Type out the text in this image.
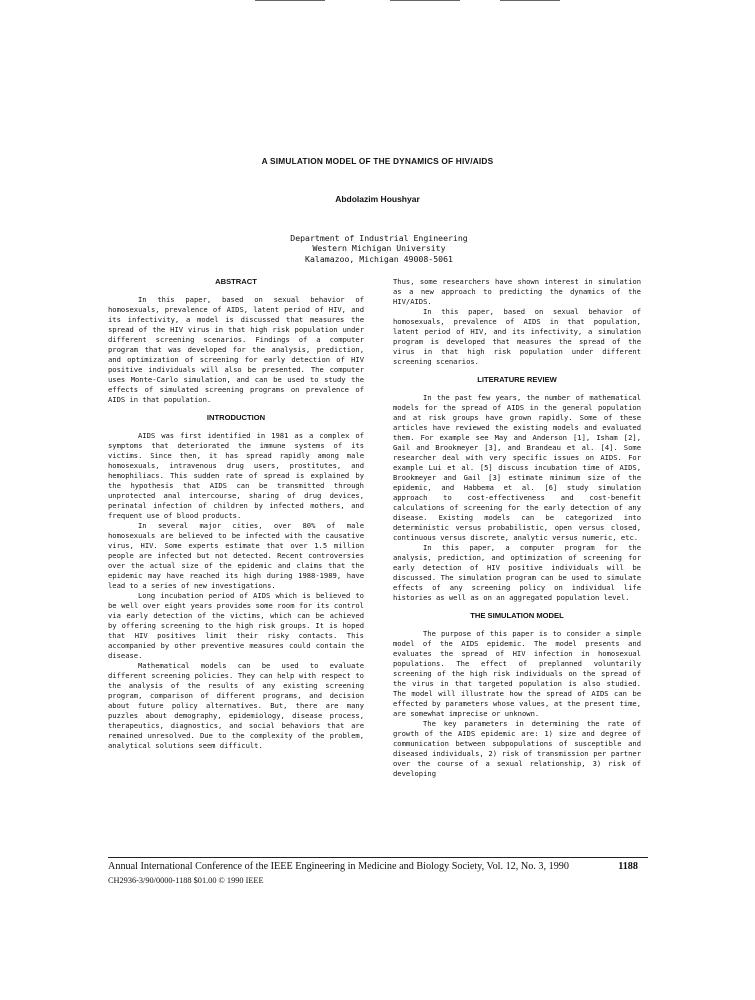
A SIMULATION MODEL OF THE DYNAMICS OF HIV/AIDS
Abdolazim Houshyar
Department of Industrial Engineering
Western Michigan University
Kalamazoo, Michigan 49008-5061
ABSTRACT

In this paper, based on sexual behavior of homosexuals, prevalence of AIDS, latent period of HIV, and its infectivity, a model is discussed that measures the spread of the HIV virus in that high risk population under different screening scenarios. Findings of a computer program that was developed for the analysis, prediction, and optimization of screening for early detection of HIV positive individuals will also be presented. The computer uses Monte-Carlo simulation, and can be used to study the effects of simulated screening programs on prevalence of AIDS in that population.

INTRODUCTION

AIDS was first identified in 1981 as a complex of symptoms that deteriorated the immune systems of its victims. Since then, it has spread rapidly among male homosexuals, intravenous drug users, prostitutes, and hemophiliacs. This sudden rate of spread is explained by the hypothesis that AIDS can be transmitted through unprotected anal intercourse, sharing of drug devices, perinatal infection of children by infected mothers, and frequent use of blood products.

In several major cities, over 80% of male homosexuals are believed to be infected with the causative virus, HIV. Some experts estimate that over 1.5 million people are infected but not detected. Recent controversies over the actual size of the epidemic and claims that the epidemic may have reached its high during 1988-1989, have lead to a series of new investigations.

Long incubation period of AIDS which is believed to be well over eight years provides some room for its control via early detection of the victims, which can be achieved by offering screening to the high risk groups. It is hoped that HIV positives limit their risky contacts. This accompanied by other preventive measures could contain the disease.

Mathematical models can be used to evaluate different screening policies. They can help with respect to the analysis of the results of any existing screening program, comparison of different programs, and decision about future policy alternatives. But, there are many puzzles about demography, epidemiology, disease process, therapeutics, diagnostics, and social behaviors that are remained unresolved. Due to the complexity of the problem, analytical solutions seem difficult.

Thus, some researchers have shown interest in simulation as a new approach to predicting the dynamics of the HIV/AIDS.

In this paper, based on sexual behavior of homosexuals, prevalence of AIDS in that population, latent period of HIV, and its infectivity, a simulation program is developed that measures the spread of the virus in that high risk population under different screening scenarios.

LITERATURE REVIEW

In the past few years, the number of mathematical models for the spread of AIDS in the general population and at risk groups have grown rapidly. Some of these articles have reviewed the existing models and evaluated them. For example see May and Anderson [1], Isham [2], Gail and Brookmeyer [3], and Brandeau et al. [4]. Some researcher deal with very specific issues on AIDS. For example Lui et al. [5] discuss incubation time of AIDS, Brookmeyer and Gail [3] estimate minimum size of the epidemic, and Habbema et al. [6] study simulation approach to cost-effectiveness and cost-benefit calculations of screening for the early detection of any disease. Existing models can be categorized into deterministic versus probabilistic, open versus closed, continuous versus discrete, analytic versus numeric, etc.

In this paper, a computer program for the analysis, prediction, and optimization of screening for early detection of HIV positive individuals will be discussed. The simulation program can be used to simulate effects of any screening policy on individual life histories as well as on an aggregated population level.

THE SIMULATION MODEL

The purpose of this paper is to consider a simple model of the AIDS epidemic. The model presents and evaluates the spread of HIV infection in homosexual populations. The effect of preplanned voluntarily screening of the high risk individuals on the spread of the virus in that targeted population is also studied. The model will illustrate how the spread of AIDS can be effected by parameters whose values, at the present time, are somewhat imprecise or unknown.

The key parameters in determining the rate of growth of the AIDS epidemic are: 1) size and degree of communication between subpopulations of susceptible and diseased individuals, 2) risk of transmission per partner over the course of a sexual relationship, 3) risk of developing

Annual International Conference of the IEEE Engineering in Medicine and Biology Society, Vol. 12, No. 3, 1990	1188
CH2936-3/90/0000-1188 $01.00 © 1990 IEEE
